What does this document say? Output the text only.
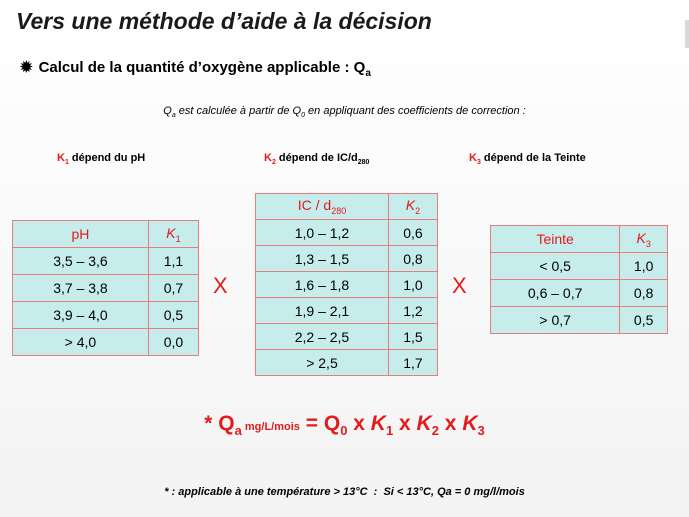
Vers une méthode d’aide à la décision
✹ Calcul de la quantité d’oxygène applicable : $Q_a$
$Q_a$ est calculée à partir de $Q_0$ en appliquant des coefficients de correction :
$K_1$ dépend du pH	$K_2$ dépend de $IC/d_{280}$	$K_3$ dépend de la Teinte
pH	$K_1$
3,5 – 3,6	1,1
3,7 – 3,8	0,7
3,9 – 4,0	0,5
> 4,0	0,0
X
IC / $d_{280}$	$K_2$
1,0 – 1,2	0,6
1,3 – 1,5	0,8
1,6 – 1,8	1,0
1,9 – 2,1	1,2
2,2 – 2,5	1,5
> 2,5	1,7
X
Teinte	$K_3$
< 0,5	1,0
0,6 – 0,7	0,8
> 0,7	0,5
* $Q_a$ mg/L/mois = $Q_0$ x $K_1$ x $K_2$ x $K_3$
* : applicable à une température > 13°C  :  Si < 13°C, Qa = 0 mg/l/mois
